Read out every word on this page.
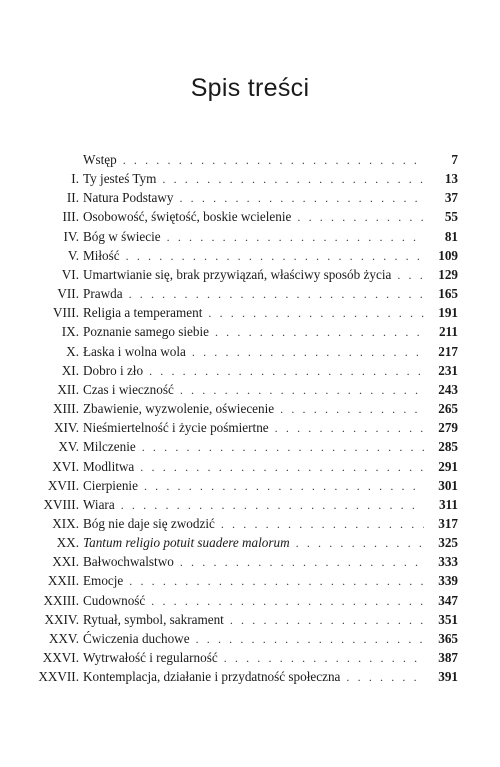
Spis treści
Wstęp . . .	7
I. Ty jesteś Tym . . .	13
II. Natura Podstawy . . .	37
III. Osobowość, świętość, boskie wcielenie . . .	55
IV. Bóg w świecie . . .	81
V. Miłość . . .	109
VI. Umartwianie się, brak przywiązań, właściwy sposób życia . . .	129
VII. Prawda . . .	165
VIII. Religia a temperament . . .	191
IX. Poznanie samego siebie . . .	211
X. Łaska i wolna wola . . .	217
XI. Dobro i zło . . .	231
XII. Czas i wieczność . . .	243
XIII. Zbawienie, wyzwolenie, oświecenie . . .	265
XIV. Nieśmiertelność i życie pośmiertne . . .	279
XV. Milczenie . . .	285
XVI. Modlitwa . . .	291
XVII. Cierpienie . . .	301
XVIII. Wiara . . .	311
XIX. Bóg nie daje się zwodzić . . .	317
XX. Tantum religio potuit suadere malorum . . .	325
XXI. Bałwochwalstwo . . .	333
XXII. Emocje . . .	339
XXIII. Cudowność . . .	347
XXIV. Rytuał, symbol, sakrament . . .	351
XXV. Ćwiczenia duchowe . . .	365
XXVI. Wytrwałość i regularność . . .	387
XXVII. Kontemplacja, działanie i przydatność społeczna . . .	391
